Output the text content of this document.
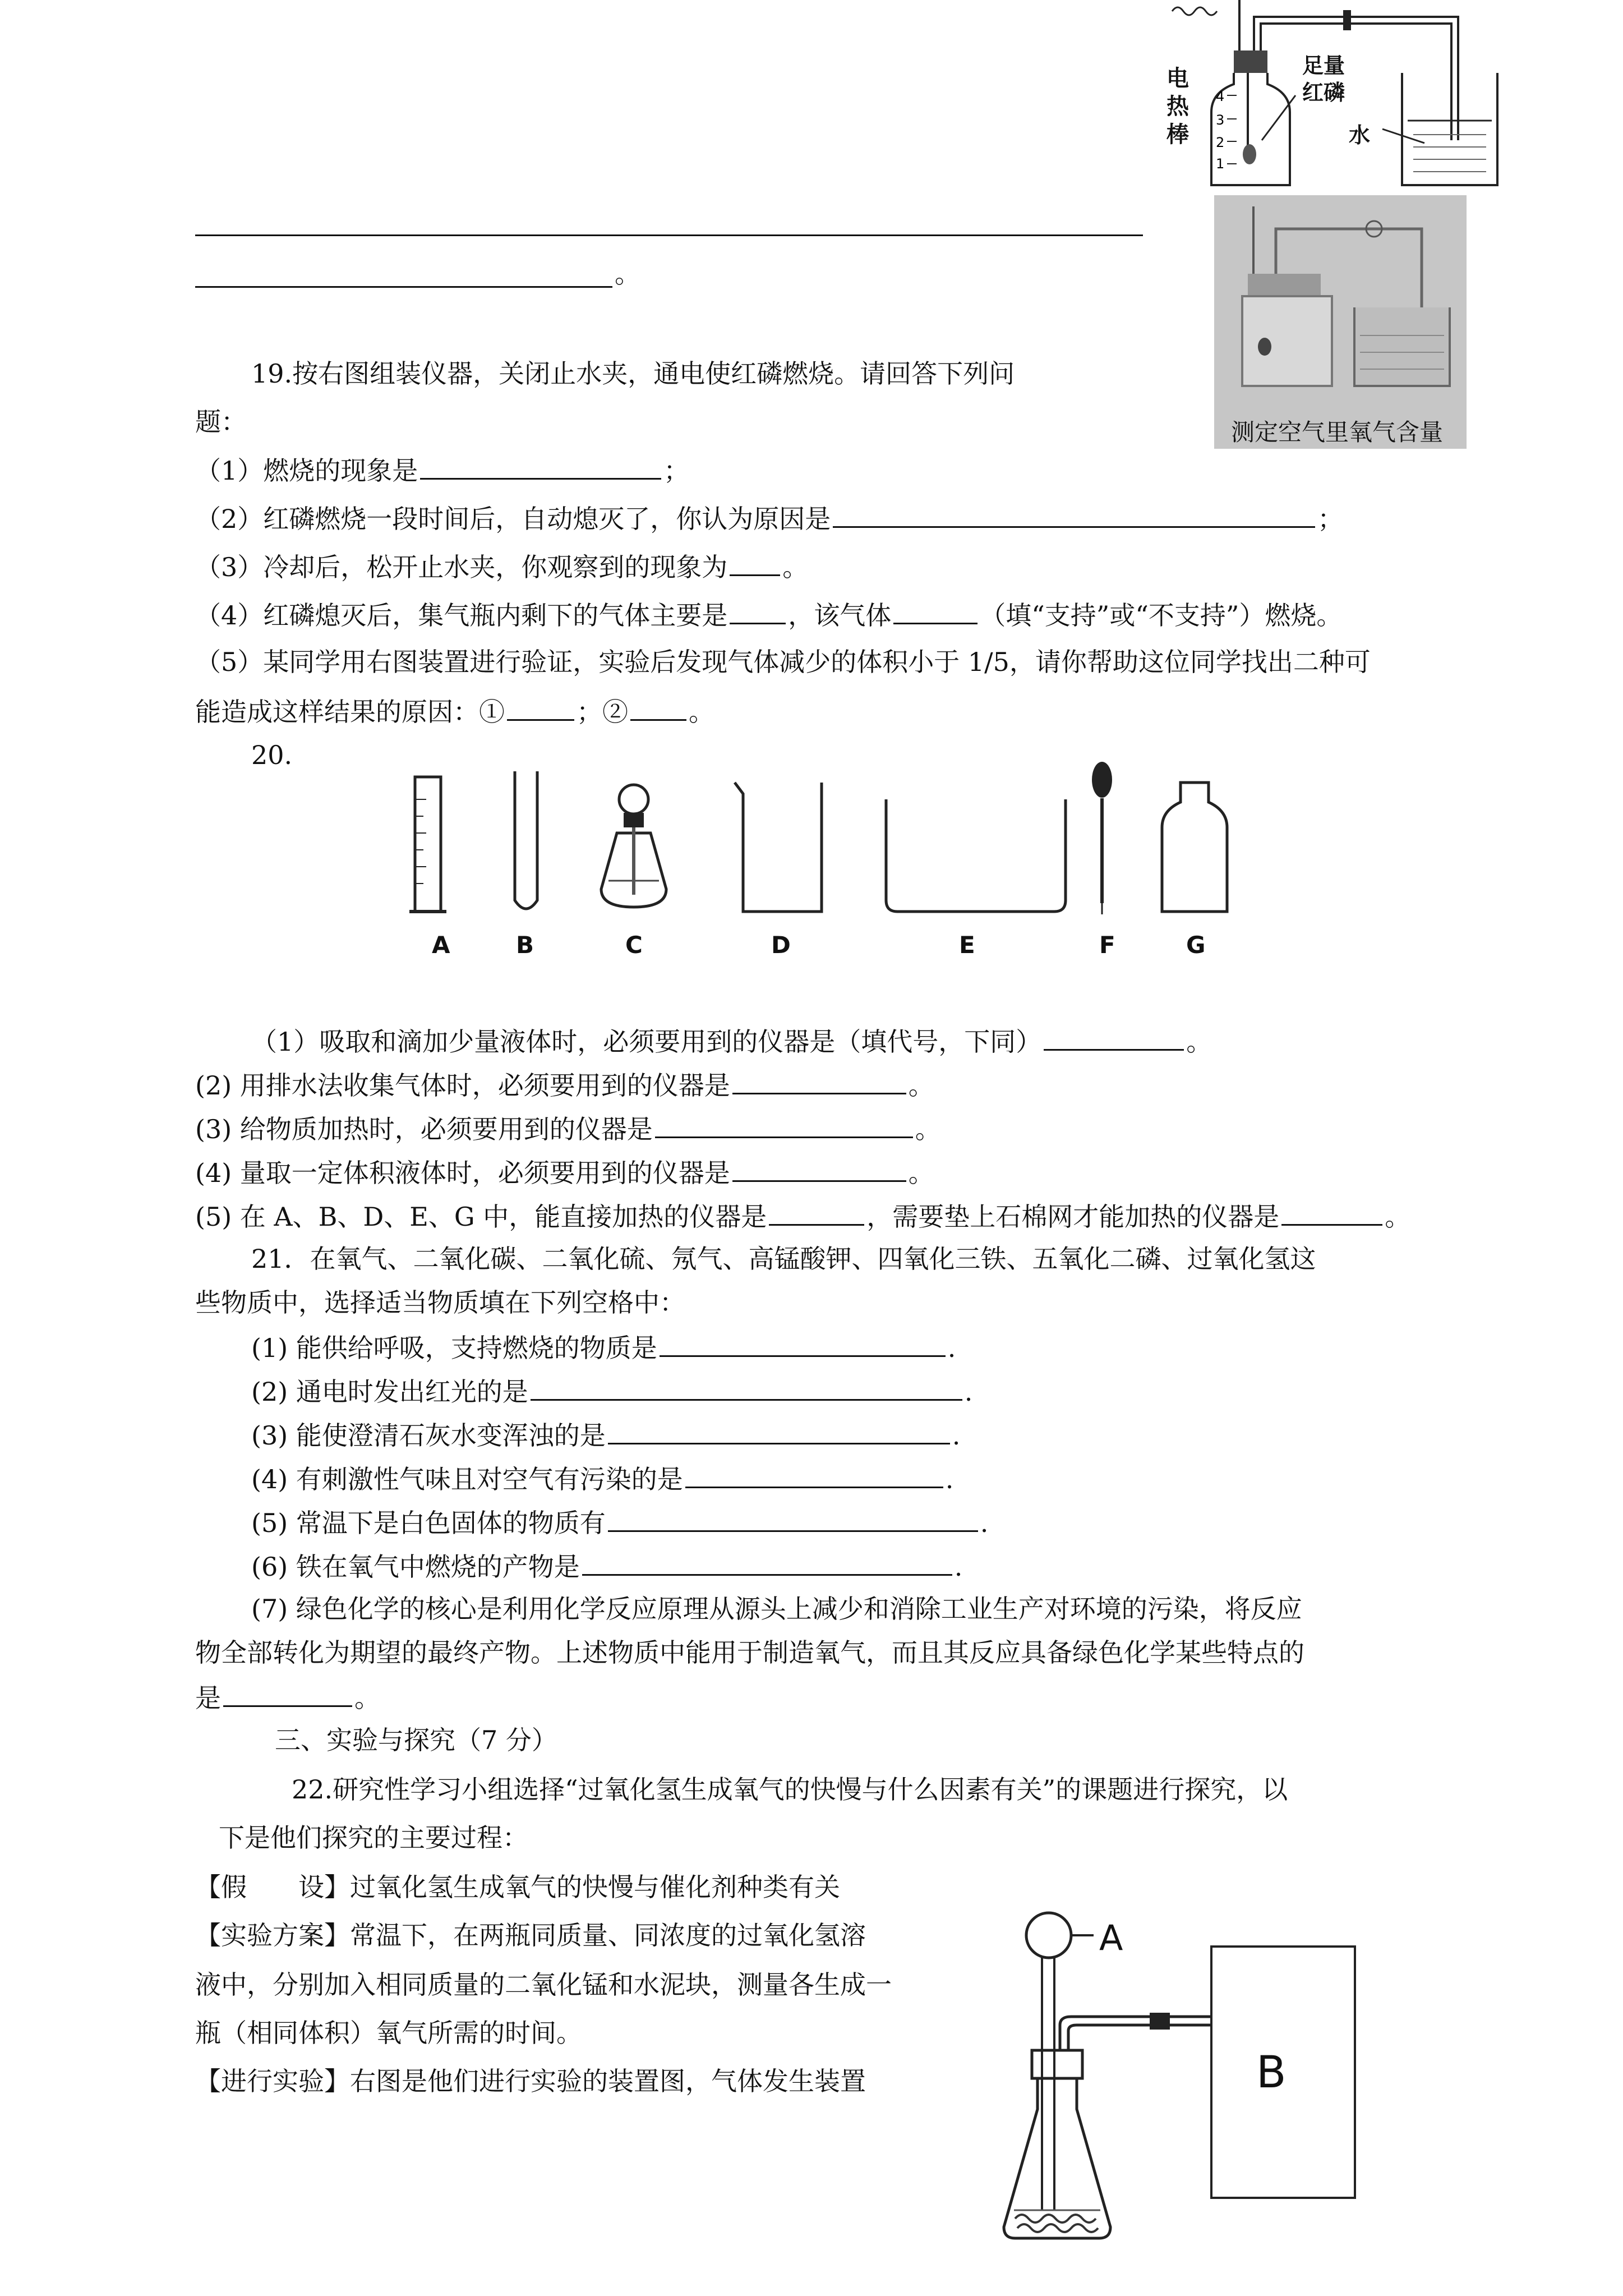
4
3
2
1
电
热
棒
足量
红磷
水
。
测定空气里氧气含量
19.按右图组装仪器，关闭止水夹，通电使红磷燃烧。请回答下列问
题：
（1）燃烧的现象是	；
（2）红磷燃烧一段时间后，自动熄灭了，你认为原因是	；
（3）冷却后，松开止水夹，你观察到的现象为 。
（4）红磷熄灭后，集气瓶内剩下的气体主要是 ，该气体	（填“支持”或“不支持”）燃烧。
（5）某同学用右图装置进行验证，实验后发现气体减少的体积小于 1/5，请你帮助这位同学找出二种可
能造成这样结果的原因：①	；② 。
20.
A	B	C	D	E	F	G
（1）吸取和滴加少量液体时，必须要用到的仪器是（填代号，下同）	。
(2) 用排水法收集气体时，必须要用到的仪器是	。
(3) 给物质加热时，必须要用到的仪器是	。
(4) 量取一定体积液体时，必须要用到的仪器是	。
(5) 在 A、B、D、E、G 中，能直接加热的仪器是	，需要垫上石棉网才能加热的仪器是	。
21．在氧气、二氧化碳、二氧化硫、氖气、高锰酸钾、四氧化三铁、五氧化二磷、过氧化氢这
些物质中，选择适当物质填在下列空格中：
(1) 能供给呼吸，支持燃烧的物质是	.
(2) 通电时发出红光的是	.
(3) 能使澄清石灰水变浑浊的是	.
(4) 有刺激性气味且对空气有污染的是	.
(5) 常温下是白色固体的物质有	.
(6) 铁在氧气中燃烧的产物是	.
(7) 绿色化学的核心是利用化学反应原理从源头上减少和消除工业生产对环境的污染，将反应
物全部转化为期望的最终产物。上述物质中能用于制造氧气，而且其反应具备绿色化学某些特点的
是	。
三、实验与探究（7 分）
22.研究性学习小组选择“过氧化氢生成氧气的快慢与什么因素有关”的课题进行探究，以
下是他们探究的主要过程：
【假　　设】过氧化氢生成氧气的快慢与催化剂种类有关
【实验方案】常温下，在两瓶同质量、同浓度的过氧化氢溶
液中，分别加入相同质量的二氧化锰和水泥块，测量各生成一
瓶（相同体积）氧气所需的时间。
【进行实验】右图是他们进行实验的装置图，气体发生装置
A
B
